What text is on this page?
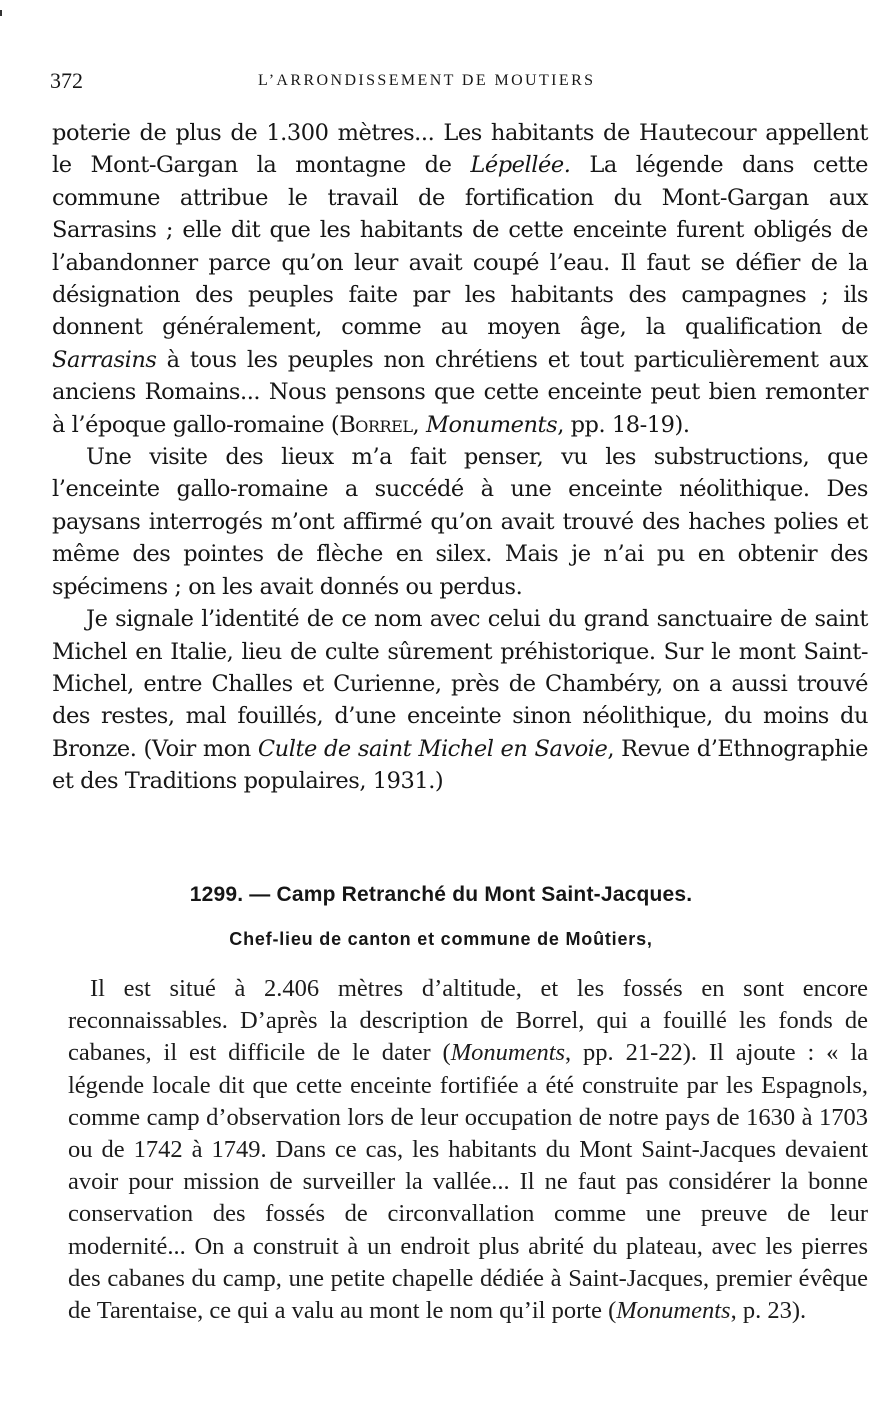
372	L’ARRONDISSEMENT DE MOUTIERS

poterie de plus de 1.300 mètres... Les habitants de Hautecour appellent le Mont-Gargan la montagne de Lépellée. La légende dans cette commune attribue le travail de fortification du Mont-Gargan aux Sarrasins ; elle dit que les habitants de cette enceinte furent obligés de l’abandonner parce qu’on leur avait coupé l’eau. Il faut se défier de la désignation des peuples faite par les habitants des campagnes ; ils donnent généralement, comme au moyen âge, la qualification de Sarrasins à tous les peuples non chrétiens et tout particulièrement aux anciens Romains... Nous pensons que cette enceinte peut bien remonter à l’époque gallo-romaine (Borrel, Monuments, pp. 18-19).

Une visite des lieux m’a fait penser, vu les substructions, que l’enceinte gallo-romaine a succédé à une enceinte néolithique. Des paysans interrogés m’ont affirmé qu’on avait trouvé des haches polies et même des pointes de flèche en silex. Mais je n’ai pu en obtenir des spécimens ; on les avait donnés ou perdus.

Je signale l’identité de ce nom avec celui du grand sanctuaire de saint Michel en Italie, lieu de culte sûrement préhistorique. Sur le mont Saint-Michel, entre Challes et Curienne, près de Chambéry, on a aussi trouvé des restes, mal fouillés, d’une enceinte sinon néolithique, du moins du Bronze. (Voir mon Culte de saint Michel en Savoie, Revue d’Ethnographie et des Traditions populaires, 1931.)

1299. — Camp Retranché du Mont Saint-Jacques.
Chef-lieu de canton et commune de Moûtiers,

Il est situé à 2.406 mètres d’altitude, et les fossés en sont encore reconnaissables. D’après la description de Borrel, qui a fouillé les fonds de cabanes, il est difficile de le dater (Monuments, pp. 21-22). Il ajoute : « la légende locale dit que cette enceinte fortifiée a été construite par les Espagnols, comme camp d’observation lors de leur occupation de notre pays de 1630 à 1703 ou de 1742 à 1749. Dans ce cas, les habitants du Mont Saint-Jacques devaient avoir pour mission de surveiller la vallée... Il ne faut pas considérer la bonne conservation des fossés de circonvallation comme une preuve de leur modernité... On a construit à un endroit plus abrité du plateau, avec les pierres des cabanes du camp, une petite chapelle dédiée à Saint-Jacques, premier évêque de Tarentaise, ce qui a valu au mont le nom qu’il porte (Monuments, p. 23).
